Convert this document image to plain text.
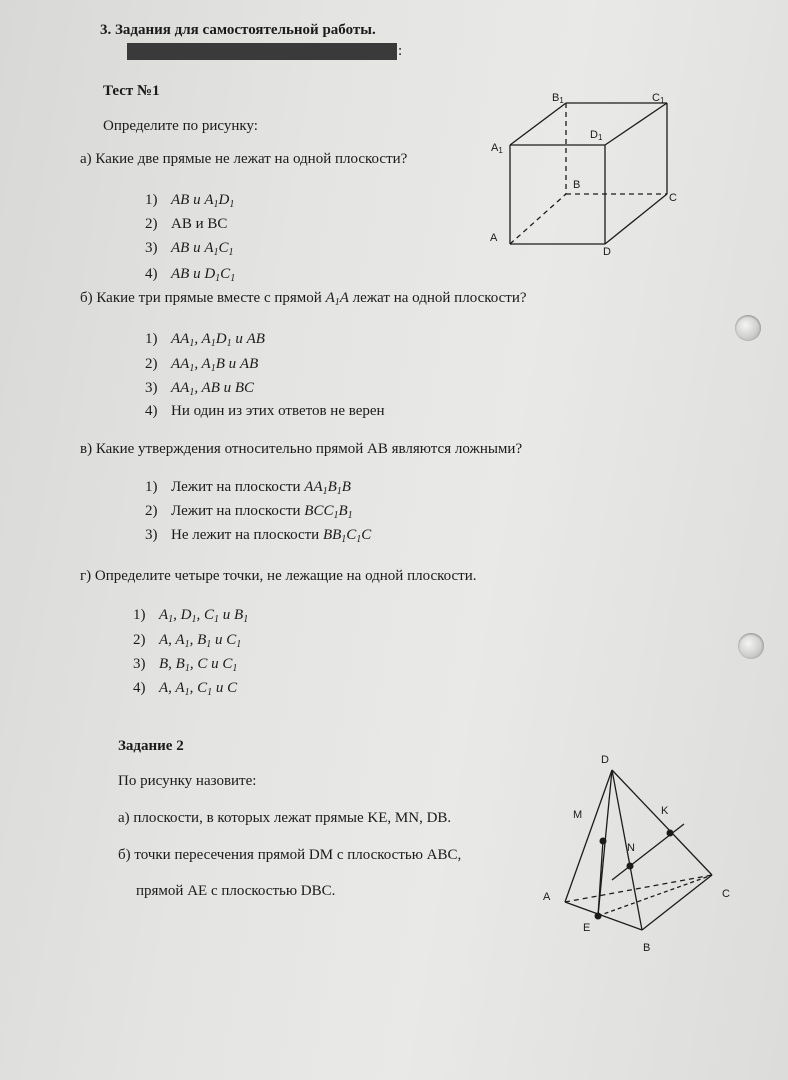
3. Задания для самостоятельной работы.
:
Тест №1
Определите по рисунку:
а) Какие две прямые не лежат на одной плоскости?
1) AB и $A_1D_1$
2) АВ и ВС
3) AB и $A_1C_1$
4) AB и $D_1C_1$
б) Какие три прямые вместе с прямой $A_1A$ лежат на одной плоскости?
1) $AA_1$, $A_1D_1$ и AB
2) $AA_1$, $A_1B$ и AB
3) $AA_1$, AB и BC
4) Ни один из этих ответов не верен
в) Какие утверждения относительно прямой АВ являются ложными?
1) Лежит на плоскости $AA_1B_1B$
2) Лежит на плоскости $BCC_1B_1$
3) Не лежит на плоскости $BB_1C_1C$
г) Определите четыре точки, не лежащие на одной плоскости.
1) $A_1$, $D_1$, $C_1$ и $B_1$
2) A, $A_1$, $B_1$ и $C_1$
3) B, $B_1$, C и $C_1$
4) A, $A_1$, $C_1$ и C
Задание 2
По рисунку назовите:
а) плоскости, в которых лежат прямые KE, MN, DB.
б) точки пересечения прямой DM с плоскостью ABC,
прямой АЕ с плоскостью DBC.
B1	C1
D1
A1
B
C
A
D
D
M	K
N
A	C
E
B
